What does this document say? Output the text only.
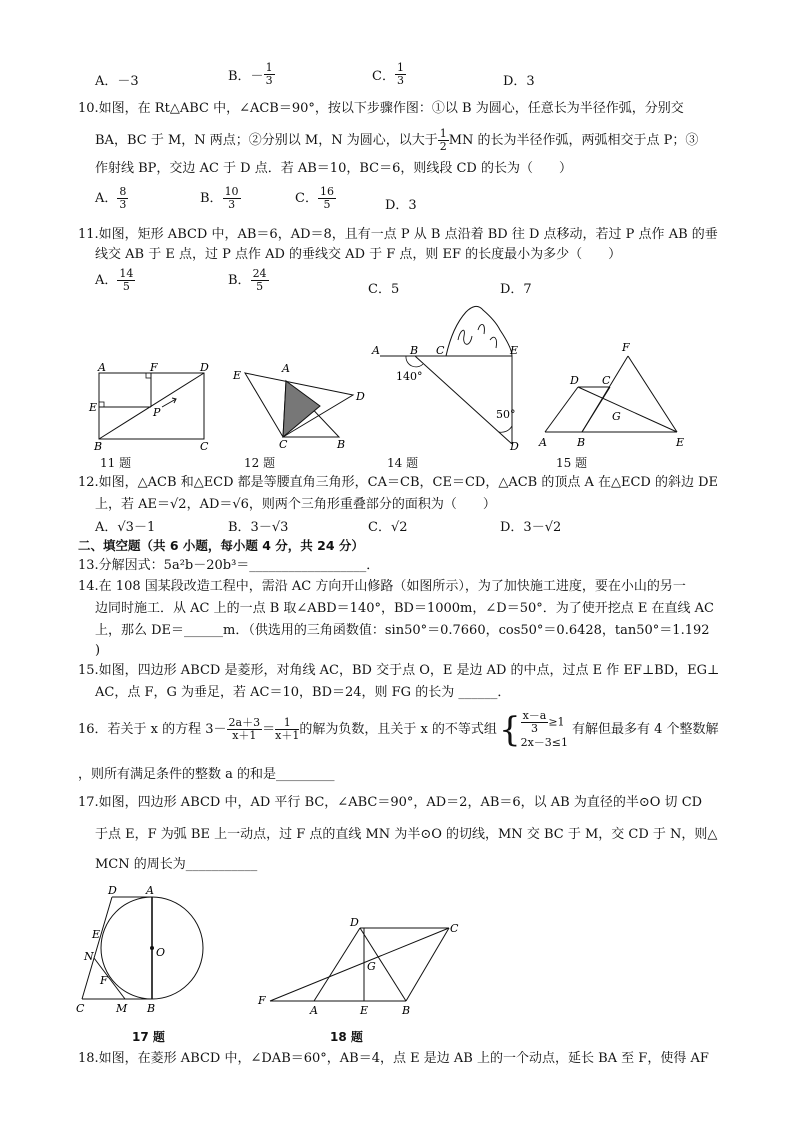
A．－3	B．－ $\frac{1}{3}$	C． $\frac{1}{3}$	D．3
10.如图，在 Rt△ABC 中，∠ACB＝90°，按以下步骤作图：①以 B 为圆心，任意长为半径作弧，分别交
BA，BC 于 M，N 两点；②分别以 M，N 为圆心，以大于 $\frac{1}{2}$ MN 的长为半径作弧，两弧相交于点 P；③
作射线 BP，交边 AC 于 D 点．若 AB＝10，BC＝6，则线段 CD 的长为（　　）
A． $\frac{8}{3}$	B． $\frac{10}{3}$	C． $\frac{16}{5}$	D．3
11.如图，矩形 ABCD 中，AB＝6，AD＝8，且有一点 P 从 B 点沿着 BD 往 D 点移动，若过 P 点作 AB 的垂
线交 AB 于 E 点，过 P 点作 AD 的垂线交 AD 于 F 点，则 EF 的长度最小为多少（　　）
A． $\frac{14}{5}$	B． $\frac{24}{5}$	C．5	D．7
A	F	D
E	P
B	C
E
A
D
C	B
A	B C	E
140°
50°
D
F
D C
G
A	B	E
11 题	12 题	14 题	15 题
12.如图，△ACB 和△ECD 都是等腰直角三角形，CA＝CB，CE＝CD，△ACB 的顶点 A 在△ECD 的斜边 DE
上，若 AE＝√2，AD＝√6，则两个三角形重叠部分的面积为（　　）
A．√3－1	B．3－√3	C．√2	D．3－√2
二、填空题（共 6 小题，每小题 4 分，共 24 分）
13.分解因式：5a²b－20b³＝__________________．
14.在 108 国某段改造工程中，需沿 AC 方向开山修路（如图所示），为了加快施工进度，要在小山的另一
边同时施工．从 AC 上的一点 B 取∠ABD＝140°，BD＝1000m，∠D＝50°．为了使开挖点 E 在直线 AC
上，那么 DE＝______m．（供选用的三角函数值：sin50°＝0.7660，cos50°＝0.6428，tan50°＝1.192
)
15.如图，四边形 ABCD 是菱形，对角线 AC，BD 交于点 O，E 是边 AD 的中点，过点 E 作 EF⊥BD，EG⊥
AC，点 F，G 为垂足，若 AC＝10，BD＝24，则 FG 的长为 ______．
16．若关于 x 的方程 $3- \frac{2a+3}{x+1} = \frac{1}{x+1}$ 的解为负数，且关于 x 的不等式组{ $\frac{x-a}{3} \ge 1$
2x－3≤1
有解但最多有 4 个整数解
，则所有满足条件的整数 a 的和是_________
17.如图，四边形 ABCD 中，AD 平行 BC，∠ABC＝90°，AD＝2，AB＝6，以 AB 为直径的半⊙O 切 CD
于点 E，F 为弧 BE 上一动点，过 F 点的直线 MN 为半⊙O 的切线，MN 交 BC 于 M，交 CD 于 N，则△
MCN 的周长为___________
D	A
E
N	O
F
C	M B
D	C
G
F
A	E	B
17 题	18 题
18.如图，在菱形 ABCD 中，∠DAB＝60°，AB＝4，点 E 是边 AB 上的一个动点，延长 BA 至 F，使得 AF
